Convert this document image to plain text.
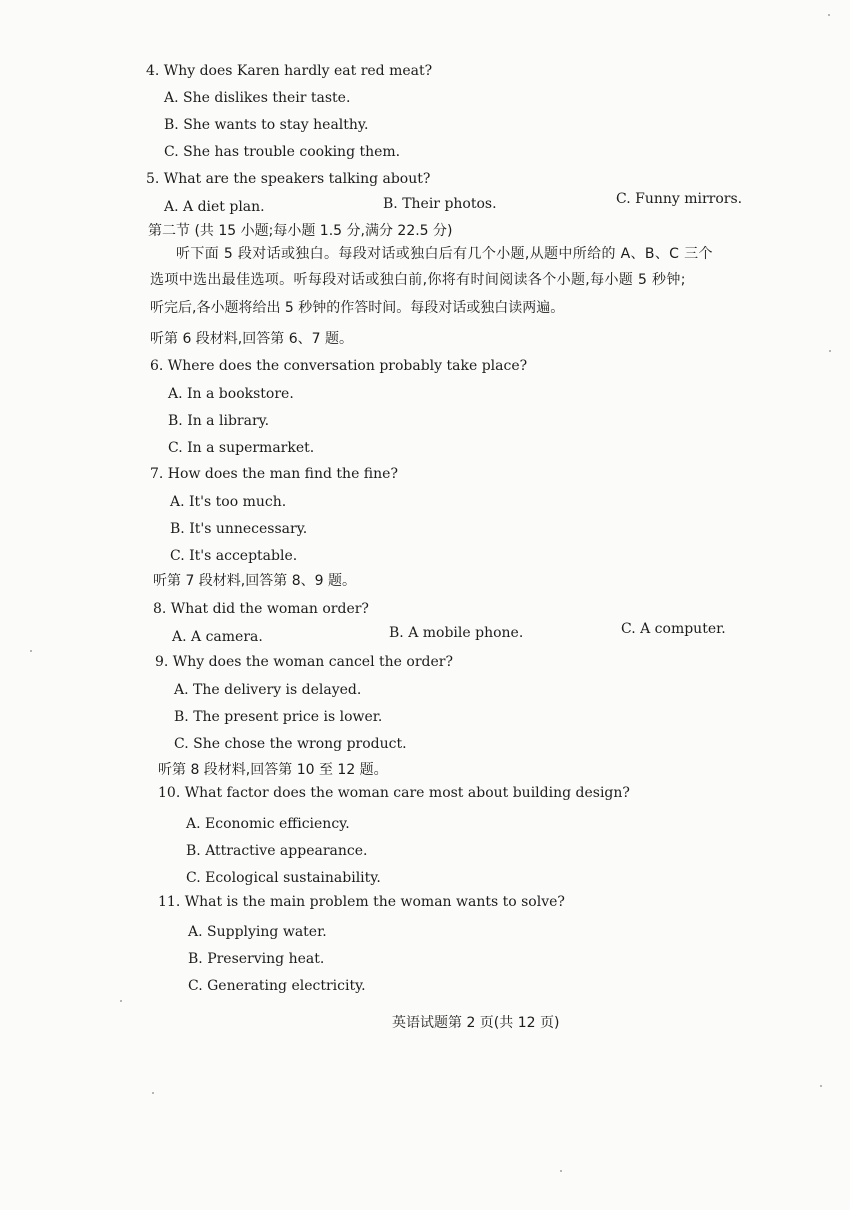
4. Why does Karen hardly eat red meat?
A. She dislikes their taste.
B. She wants to stay healthy.
C. She has trouble cooking them.
5. What are the speakers talking about?
A. A diet plan.	B. Their photos.	C. Funny mirrors.
第二节 (共 15 小题;每小题 1.5 分,满分 22.5 分)
听下面 5 段对话或独白。每段对话或独白后有几个小题,从题中所给的 A、B、C 三个
选项中选出最佳选项。听每段对话或独白前,你将有时间阅读各个小题,每小题 5 秒钟;
听完后,各小题将给出 5 秒钟的作答时间。每段对话或独白读两遍。
听第 6 段材料,回答第 6、7 题。
6. Where does the conversation probably take place?
A. In a bookstore.
B. In a library.
C. In a supermarket.
7. How does the man find the fine?
A. It's too much.
B. It's unnecessary.
C. It's acceptable.
听第 7 段材料,回答第 8、9 题。
8. What did the woman order?
A. A camera.	B. A mobile phone.	C. A computer.
9. Why does the woman cancel the order?
A. The delivery is delayed.
B. The present price is lower.
C. She chose the wrong product.
听第 8 段材料,回答第 10 至 12 题。
10. What factor does the woman care most about building design?
A. Economic efficiency.
B. Attractive appearance.
C. Ecological sustainability.
11. What is the main problem the woman wants to solve?
A. Supplying water.
B. Preserving heat.
C. Generating electricity.
英语试题第 2 页(共 12 页)
